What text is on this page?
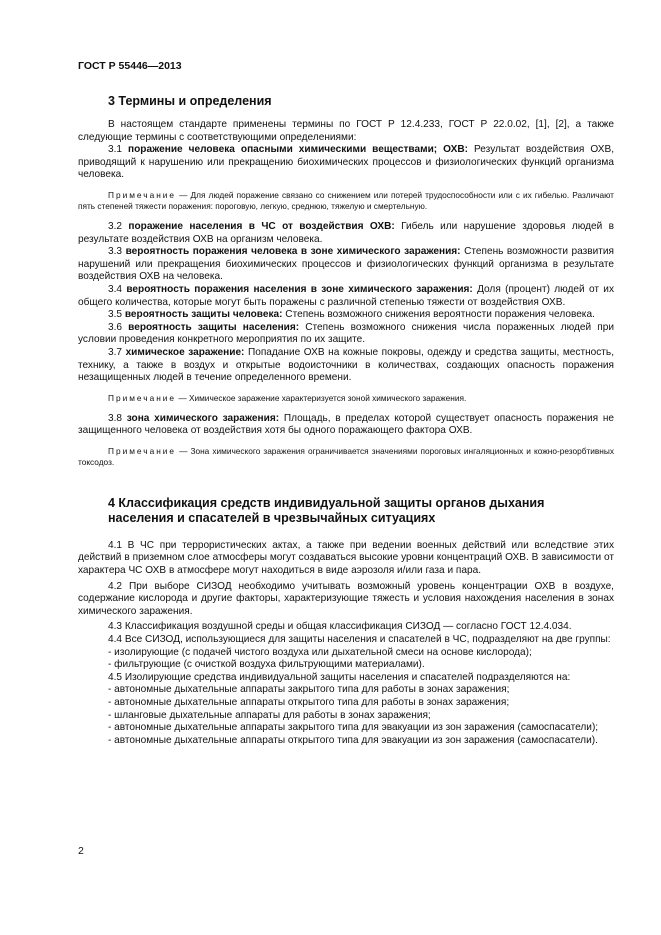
ГОСТ Р 55446—2013
3 Термины и определения

В настоящем стандарте применены термины по ГОСТ Р 12.4.233, ГОСТ Р 22.0.02, [1], [2], а также следующие термины с соответствующими определениями:

3.1 поражение человека опасными химическими веществами; ОХВ: Результат воздействия ОХВ, приводящий к нарушению или прекращению биохимических процессов и физиологических функций организма человека.

Примечание — Для людей поражение связано со снижением или потерей трудоспособности или с их гибелью. Различают пять степеней тяжести поражения: пороговую, легкую, среднюю, тяжелую и смертельную.

3.2 поражение населения в ЧС от воздействия ОХВ: Гибель или нарушение здоровья людей в результате воздействия ОХВ на организм человека.

3.3 вероятность поражения человека в зоне химического заражения: Степень возможности развития нарушений или прекращения биохимических процессов и физиологических функций организма в результате воздействия ОХВ на человека.

3.4 вероятность поражения населения в зоне химического заражения: Доля (процент) людей от их общего количества, которые могут быть поражены с различной степенью тяжести от воздействия ОХВ.

3.5 вероятность защиты человека: Степень возможного снижения вероятности поражения человека.

3.6 вероятность защиты населения: Степень возможного снижения числа пораженных людей при условии проведения конкретного мероприятия по их защите.

3.7 химическое заражение: Попадание ОХВ на кожные покровы, одежду и средства защиты, местность, технику, а также в воздух и открытые водоисточники в количествах, создающих опасность поражения незащищенных людей в течение определенного времени.

Примечание — Химическое заражение характеризуется зоной химического заражения.

3.8 зона химического заражения: Площадь, в пределах которой существует опасность поражения не защищенного человека от воздействия хотя бы одного поражающего фактора ОХВ.

Примечание — Зона химического заражения ограничивается значениями пороговых ингаляционных и кожно-резорбтивных токсодоз.

4 Классификация средств индивидуальной защиты органов дыхания
населения и спасателей в чрезвычайных ситуациях

4.1 В ЧС при террористических актах, а также при ведении военных действий или вследствие этих действий в приземном слое атмосферы могут создаваться высокие уровни концентраций ОХВ. В зависимости от характера ЧС ОХВ в атмосфере могут находиться в виде аэрозоля и/или газа и пара.

4.2 При выборе СИЗОД необходимо учитывать возможный уровень концентрации ОХВ в воздухе, содержание кислорода и другие факторы, характеризующие тяжесть и условия нахождения населения в зонах химического заражения.

4.3 Классификация воздушной среды и общая классификация СИЗОД — согласно ГОСТ 12.4.034.

4.4 Все СИЗОД, использующиеся для защиты населения и спасателей в ЧС, подразделяют на две группы:

- изолирующие (с подачей чистого воздуха или дыхательной смеси на основе кислорода);

- фильтрующие (с очисткой воздуха фильтрующими материалами).

4.5 Изолирующие средства индивидуальной защиты населения и спасателей подразделяются на:

- автономные дыхательные аппараты закрытого типа для работы в зонах заражения;

- автономные дыхательные аппараты открытого типа для работы в зонах заражения;

- шланговые дыхательные аппараты для работы в зонах заражения;

- автономные дыхательные аппараты закрытого типа для эвакуации из зон заражения (самоспасатели);

- автономные дыхательные аппараты открытого типа для эвакуации из зон заражения (самоспасатели).

2
